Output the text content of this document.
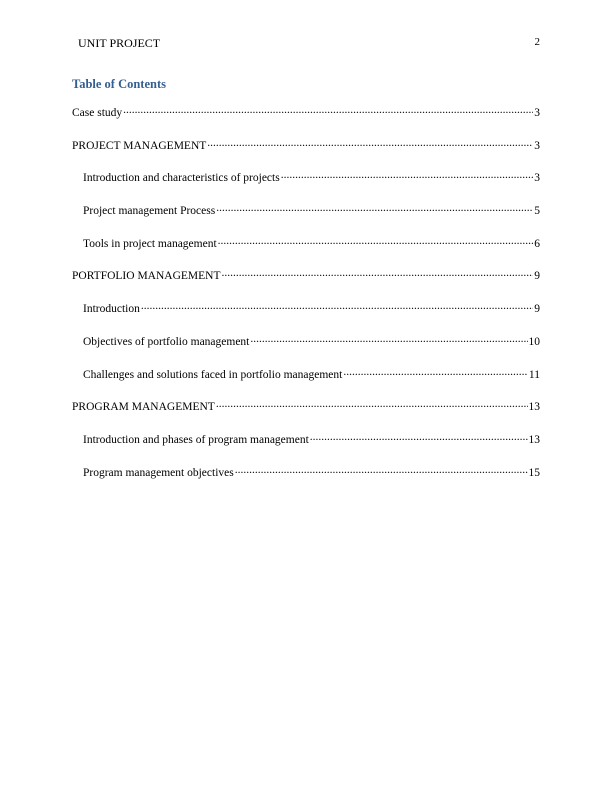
UNIT PROJECT	2
Table of Contents
Case study .....	3
PROJECT MANAGEMENT .....	3
Introduction and characteristics of projects .....	3
Project management Process .....	5
Tools in project management .....	6
PORTFOLIO MANAGEMENT .....	9
Introduction .....	9
Objectives of portfolio management .....	10
Challenges and solutions faced in portfolio management .....	11
PROGRAM MANAGEMENT .....	13
Introduction and phases of program management .....	13
Program management objectives .....	15
